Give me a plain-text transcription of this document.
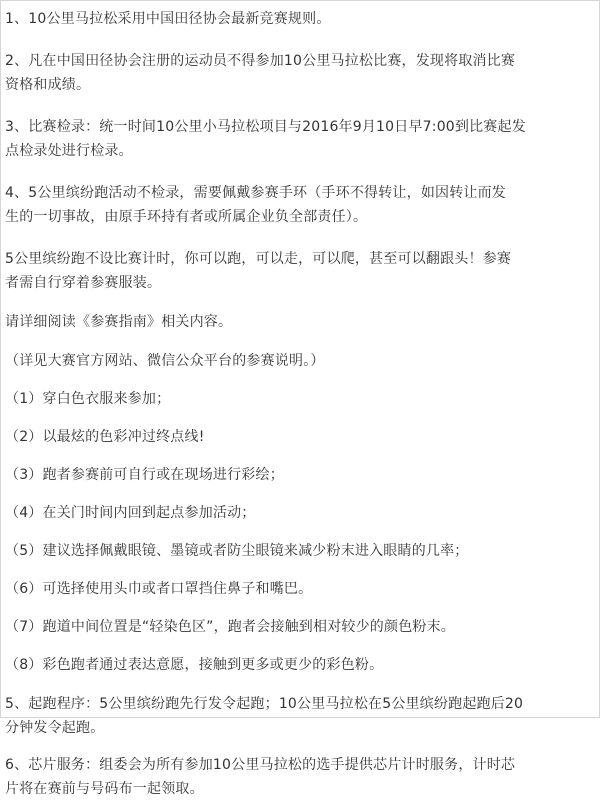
1、10公里马拉松采用中国田径协会最新竞赛规则。

2、凡在中国田径协会注册的运动员不得参加10公里马拉松比赛，发现将取消比赛
资格和成绩。

3、比赛检录：统一时间10公里小马拉松项目与2016年9月10日早7:00到比赛起发
点检录处进行检录。

4、5公里缤纷跑活动不检录，需要佩戴参赛手环（手环不得转让，如因转让而发
生的一切事故，由原手环持有者或所属企业负全部责任）。

5公里缤纷跑不设比赛计时，你可以跑，可以走，可以爬，甚至可以翻跟头！参赛
者需自行穿着参赛服装。

请详细阅读《参赛指南》相关内容。

（详见大赛官方网站、微信公众平台的参赛说明。）

（1）穿白色衣服来参加；

（2）以最炫的色彩冲过终点线!

（3）跑者参赛前可自行或在现场进行彩绘；

（4）在关门时间内回到起点参加活动；

（5）建议选择佩戴眼镜、墨镜或者防尘眼镜来减少粉末进入眼睛的几率；

（6）可选择使用头巾或者口罩挡住鼻子和嘴巴。

（7）跑道中间位置是“轻染色区”，跑者会接触到相对较少的颜色粉末。

（8）彩色跑者通过表达意愿，接触到更多或更少的彩色粉。

5、起跑程序：5公里缤纷跑先行发令起跑；10公里马拉松在5公里缤纷跑起跑后20
分钟发令起跑。

6、芯片服务：组委会为所有参加10公里马拉松的选手提供芯片计时服务，计时芯
片将在赛前与号码布一起领取。
